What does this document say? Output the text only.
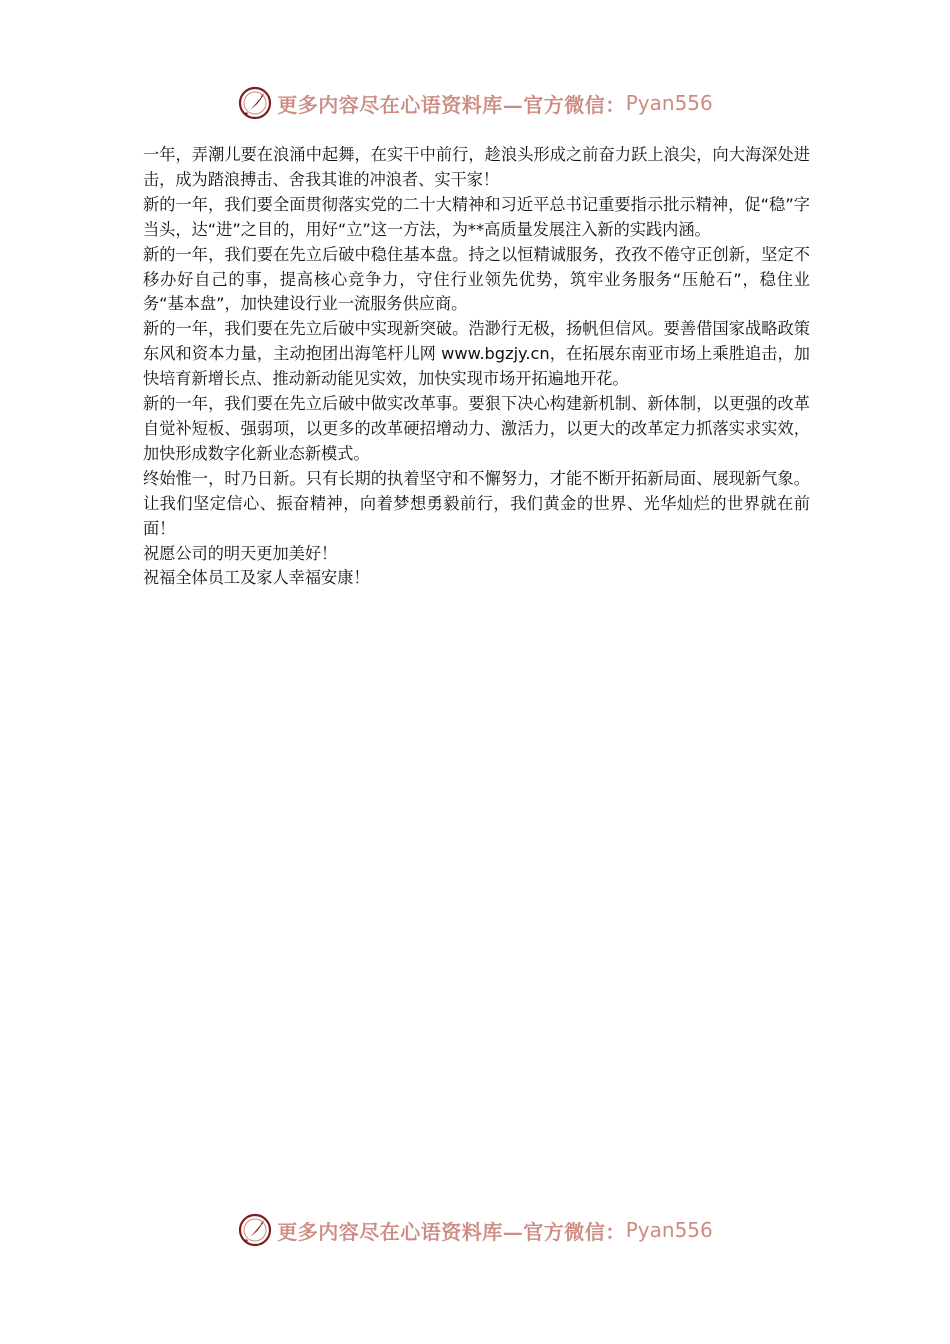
更多内容尽在心语资料库— 官方微信： Pyan556

一年，弄潮儿要在浪涌中起舞，在实干中前行，趁浪头形成之前奋力跃上浪尖，向大海深处进击，成为踏浪搏击、舍我其谁的冲浪者、实干家！

新的一年，我们要全面贯彻落实党的二十大精神和习近平总书记重要指示批示精神，促“稳”字当头，达“进”之目的，用好“立”这一方法，为**高质量发展注入新的实践内涵。

新的一年，我们要在先立后破中稳住基本盘。持之以恒精诚服务，孜孜不倦守正创新，坚定不移办好自己的事，提高核心竞争力，守住行业领先优势，筑牢业务服务“压舱石”，稳住业务“基本盘”，加快建设行业一流服务供应商。

新的一年，我们要在先立后破中实现新突破。浩渺行无极，扬帆但信风。要善借国家战略政策东风和资本力量，主动抱团出海笔杆儿网 www.bgzjy.cn，在拓展东南亚市场上乘胜追击，加快培育新增长点、推动新动能见实效，加快实现市场开拓遍地开花。

新的一年，我们要在先立后破中做实改革事。要狠下决心构建新机制、新体制，以更强的改革自觉补短板、强弱项，以更多的改革硬招增动力、激活力，以更大的改革定力抓落实求实效，加快形成数字化新业态新模式。

终始惟一，时乃日新。只有长期的执着坚守和不懈努力，才能不断开拓新局面、展现新气象。让我们坚定信心、振奋精神，向着梦想勇毅前行，我们黄金的世界、光华灿烂的世界就在前面！

祝愿公司的明天更加美好！

祝福全体员工及家人幸福安康！

更多内容尽在心语资料库— 官方微信： Pyan556
